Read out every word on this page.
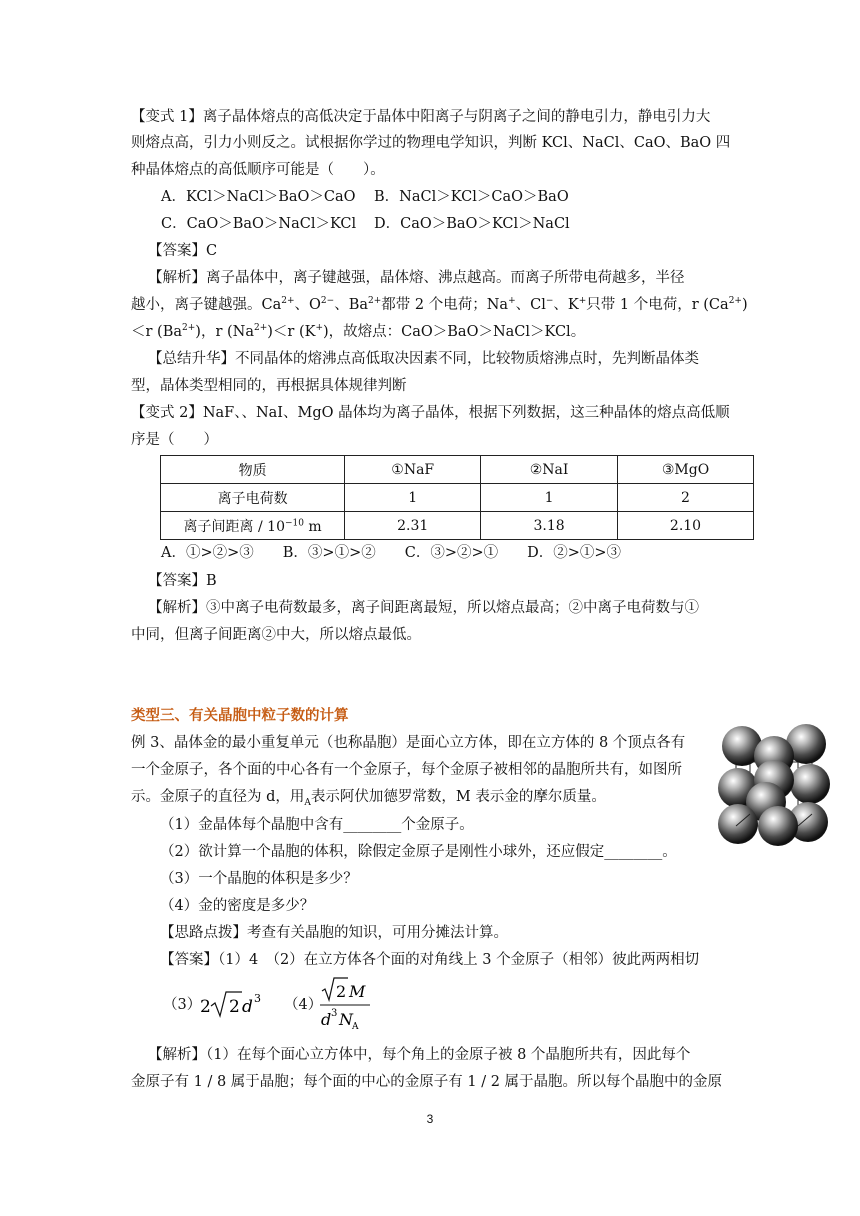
【变式 1】离子晶体熔点的高低决定于晶体中阳离子与阴离子之间的静电引力，静电引力大
则熔点高，引力小则反之。试根据你学过的物理电学知识，判断 KCl、NaCl、CaO、BaO 四
种晶体熔点的高低顺序可能是（　　）。
A．KCl＞NaCl＞BaO＞CaO B．NaCl＞KCl＞CaO＞BaO
C．CaO＞BaO＞NaCl＞KCl D．CaO＞BaO＞KCl＞NaCl
【答案】C
【解析】离子晶体中，离子键越强，晶体熔、沸点越高。而离子所带电荷越多，半径
越小，离子键越强。$Ca^{2+}$、$O^{2-}$、$Ba^{2+}$都带 2 个电荷；Na+、Cl−、K+只带 1 个电荷，r $(Ca^{2+})$
＜r $(Ba^{2+})$，r $(Na^{2+})<r$ (K+)，故熔点：CaO＞BaO＞NaCl＞KCl。
【总结升华】不同晶体的熔沸点高低取决因素不同，比较物质熔沸点时，先判断晶体类
型，晶体类型相同的，再根据具体规律判断
【变式 2】NaF、、NaI、MgO 晶体均为离子晶体，根据下列数据，这三种晶体的熔点高低顺
序是（　　）
物质	①NaF	②NaI	③MgO
离子电荷数	1	1	2
离子间距离 / $10^{-10}$ m	2.31	3.18	2.10
A．①>②>③　　B．③>①>②　　C．③>②>①　　D．②>①>③
【答案】B
【解析】③中离子电荷数最多，离子间距离最短，所以熔点最高；②中离子电荷数与①
中同，但离子间距离②中大，所以熔点最低。
类型三、有关晶胞中粒子数的计算
例 3、晶体金的最小重复单元（也称晶胞）是面心立方体，即在立方体的 8 个顶点各有
一个金原子，各个面的中心各有一个金原子，每个金原子被相邻的晶胞所共有，如图所
示。金原子的直径为 d，用$_A$表示阿伏加德罗常数，M 表示金的摩尔质量。
（1）金晶体每个晶胞中含有________个金原子。
（2）欲计算一个晶胞的体积，除假定金原子是刚性小球外，还应假定________。
（3）一个晶胞的体积是多少？
（4）金的密度是多少？
【思路点拨】考查有关晶胞的知识，可用分摊法计算。
【答案】（1）4　（2）在立方体各个面的对角线上 3 个金原子（相邻）彼此两两相切
（3）
2 2 d 3 （4）
2 M
d 3 N A
【解析】（1）在每个面心立方体中，每个角上的金原子被 8 个晶胞所共有，因此每个
金原子有 1 / 8 属于晶胞；每个面的中心的金原子有 1 / 2 属于晶胞。所以每个晶胞中的金原
3
